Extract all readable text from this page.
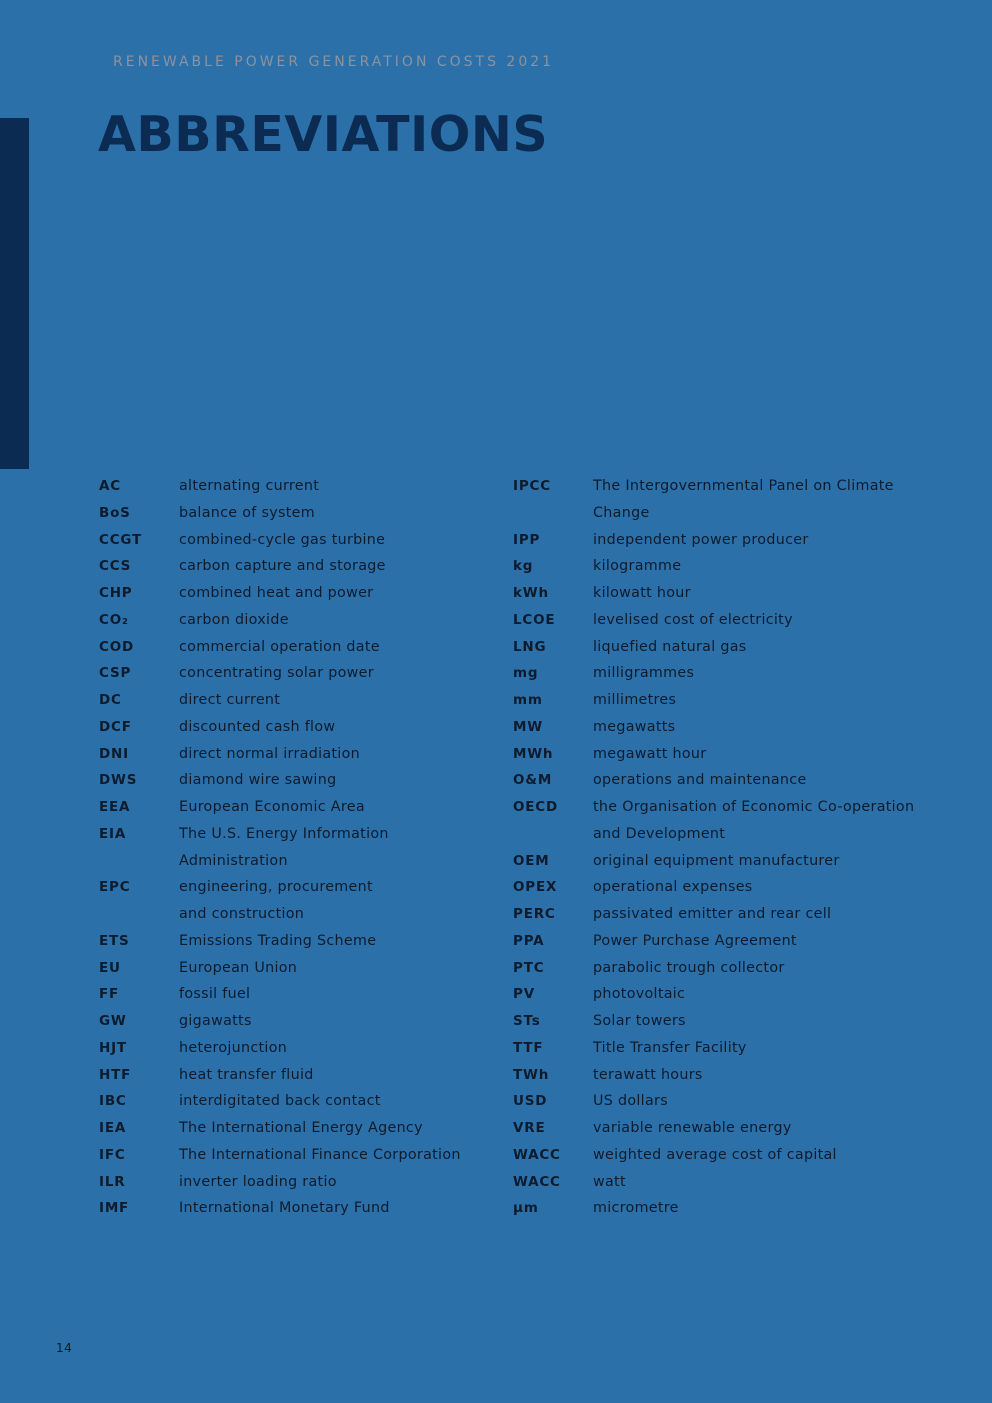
RENEWABLE POWER GENERATION COSTS 2021
ABBREVIATIONS
AC	alternating current
BoS	balance of system
CCGT	combined-cycle gas turbine
CCS	carbon capture and storage
CHP	combined heat and power
CO₂	carbon dioxide
COD	commercial operation date
CSP	concentrating solar power
DC	direct current
DCF	discounted cash flow
DNI	direct normal irradiation
DWS	diamond wire sawing
EEA	European Economic Area
EIA	The U.S. Energy Information
Administration
EPC	engineering, procurement
and construction
ETS	Emissions Trading Scheme
EU	European Union
FF	fossil fuel
GW	gigawatts
HJT	heterojunction
HTF	heat transfer fluid
IBC	interdigitated back contact
IEA	The International Energy Agency
IFC	The International Finance Corporation
ILR	inverter loading ratio
IMF	International Monetary Fund
IPCC	The Intergovernmental Panel on Climate
Change
IPP	independent power producer
kg	kilogramme
kWh	kilowatt hour
LCOE	levelised cost of electricity
LNG	liquefied natural gas
mg	milligrammes
mm	millimetres
MW	megawatts
MWh	megawatt hour
O&M	operations and maintenance
OECD	the Organisation of Economic Co-operation
and Development
OEM	original equipment manufacturer
OPEX	operational expenses
PERC	passivated emitter and rear cell
PPA	Power Purchase Agreement
PTC	parabolic trough collector
PV	photovoltaic
STs	Solar towers
TTF	Title Transfer Facility
TWh	terawatt hours
USD	US dollars
VRE	variable renewable energy
WACC	weighted average cost of capital
WACC	watt
µm	micrometre
14
